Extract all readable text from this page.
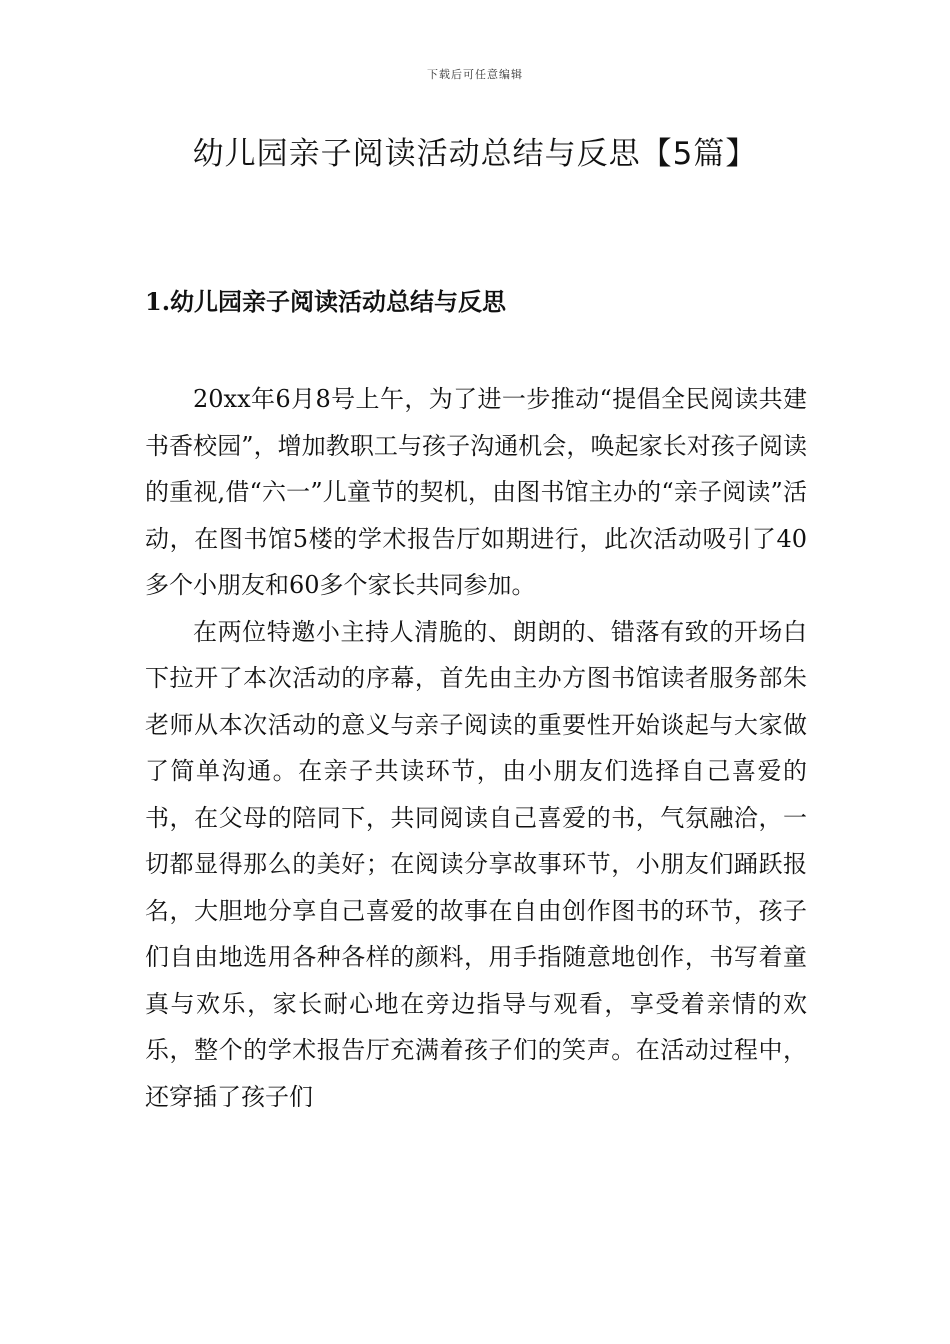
下载后可任意编辑
幼儿园亲子阅读活动总结与反思【5篇】
1.幼儿园亲子阅读活动总结与反思

20xx年6月8号上午，为了进一步推动“提倡全民阅读共建书香校园”，增加教职工与孩子沟通机会，唤起家长对孩子阅读的重视,借“六一”儿童节的契机，由图书馆主办的“亲子阅读”活动，在图书馆5楼的学术报告厅如期进行，此次活动吸引了40多个小朋友和60多个家长共同参加。

在两位特邀小主持人清脆的、朗朗的、错落有致的开场白下拉开了本次活动的序幕，首先由主办方图书馆读者服务部朱老师从本次活动的意义与亲子阅读的重要性开始谈起与大家做了简单沟通。在亲子共读环节，由小朋友们选择自己喜爱的书，在父母的陪同下，共同阅读自己喜爱的书，气氛融洽，一切都显得那么的美好；在阅读分享故事环节，小朋友们踊跃报名，大胆地分享自己喜爱的故事在自由创作图书的环节，孩子们自由地选用各种各样的颜料，用手指随意地创作，书写着童真与欢乐，家长耐心地在旁边指导与观看，享受着亲情的欢乐，整个的学术报告厅充满着孩子们的笑声。在活动过程中，还穿插了孩子们
